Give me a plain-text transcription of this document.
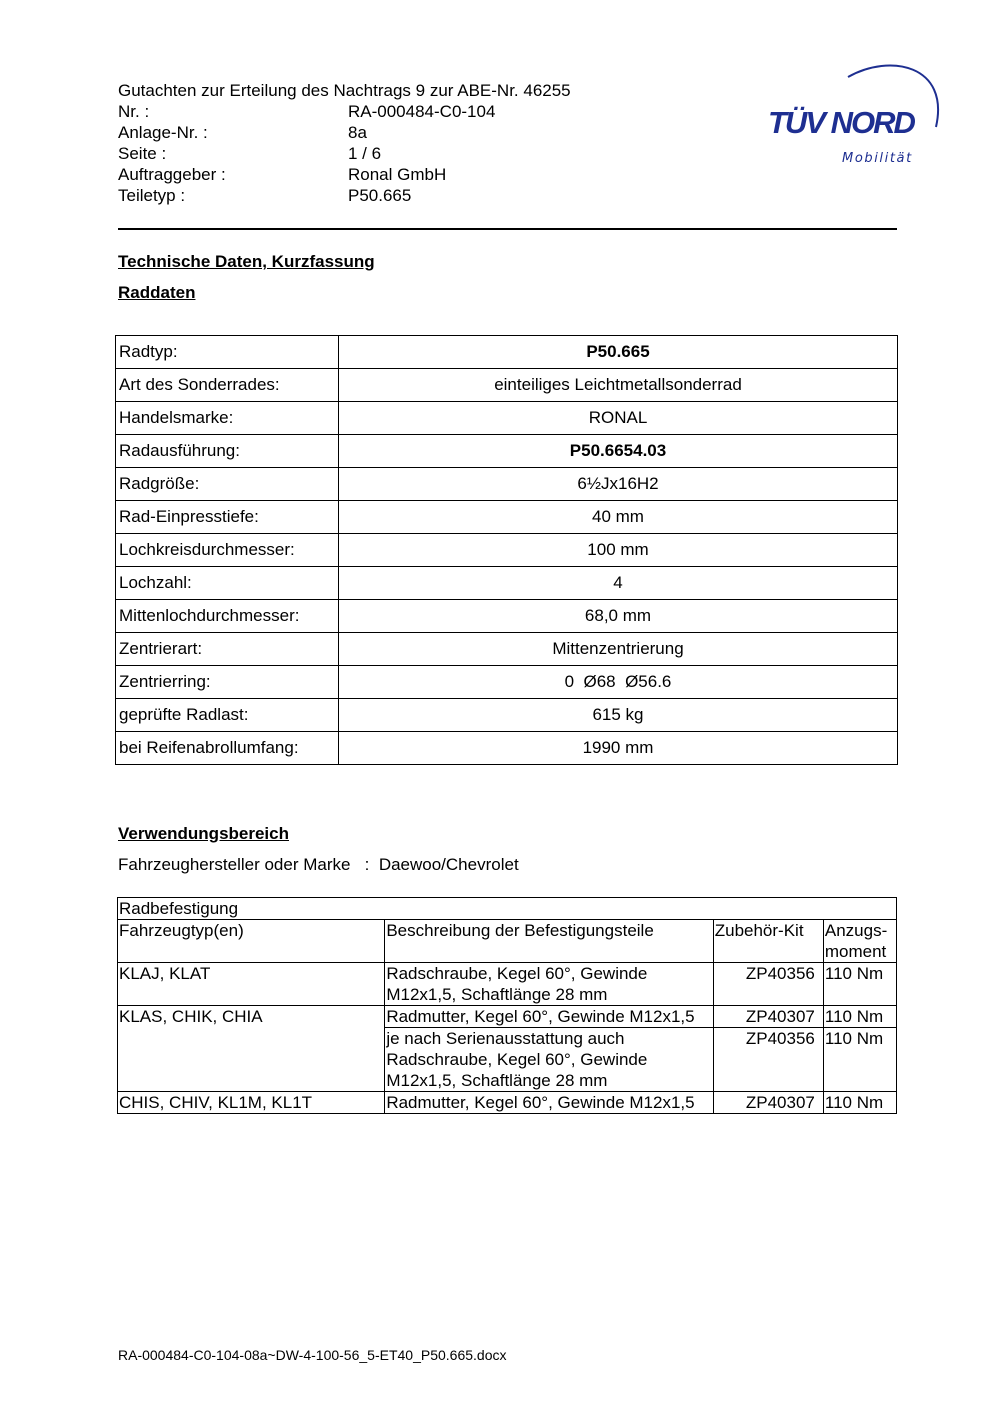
Gutachten zur Erteilung des Nachtrags 9 zur ABE-Nr. 46255
Nr. :	RA-000484-C0-104
Anlage-Nr. :	8a
Seite :	1 / 6
Auftraggeber :	Ronal GmbH
Teiletyp :	P50.665
TÜV NORD
Mobilität
Technische Daten, Kurzfassung
Raddaten
Radtyp:	P50.665
Art des Sonderrades:	einteiliges Leichtmetallsonderrad
Handelsmarke:	RONAL
Radausführung:	P50.6654.03
Radgröße:	6½Jx16H2
Rad-Einpresstiefe:	40 mm
Lochkreisdurchmesser:	100 mm
Lochzahl:	4
Mittenlochdurchmesser:	68,0 mm
Zentrierart:	Mittenzentrierung
Zentrierring:	0  Ø68  Ø56.6
geprüfte Radlast:	615 kg
bei Reifenabrollumfang:	1990 mm
Verwendungsbereich
Fahrzeughersteller oder Marke : Daewoo/Chevrolet
Radbefestigung			
Fahrzeugtyp(en)	Beschreibung der Befestigungsteile	Zubehör-Kit	Anzugs-moment
KLAJ, KLAT	Radschraube, Kegel 60°, Gewinde M12x1,5, Schaftlänge 28 mm	ZP40356	110 Nm
KLAS, CHIK, CHIA	Radmutter, Kegel 60°, Gewinde M12x1,5	ZP40307	110 Nm
	je nach Serienausstattung auch Radschraube, Kegel 60°, Gewinde M12x1,5, Schaftlänge 28 mm	ZP40356	110 Nm
CHIS, CHIV, KL1M, KL1T	Radmutter, Kegel 60°, Gewinde M12x1,5	ZP40307	110 Nm
RA-000484-C0-104-08a~DW-4-100-56_5-ET40_P50.665.docx
